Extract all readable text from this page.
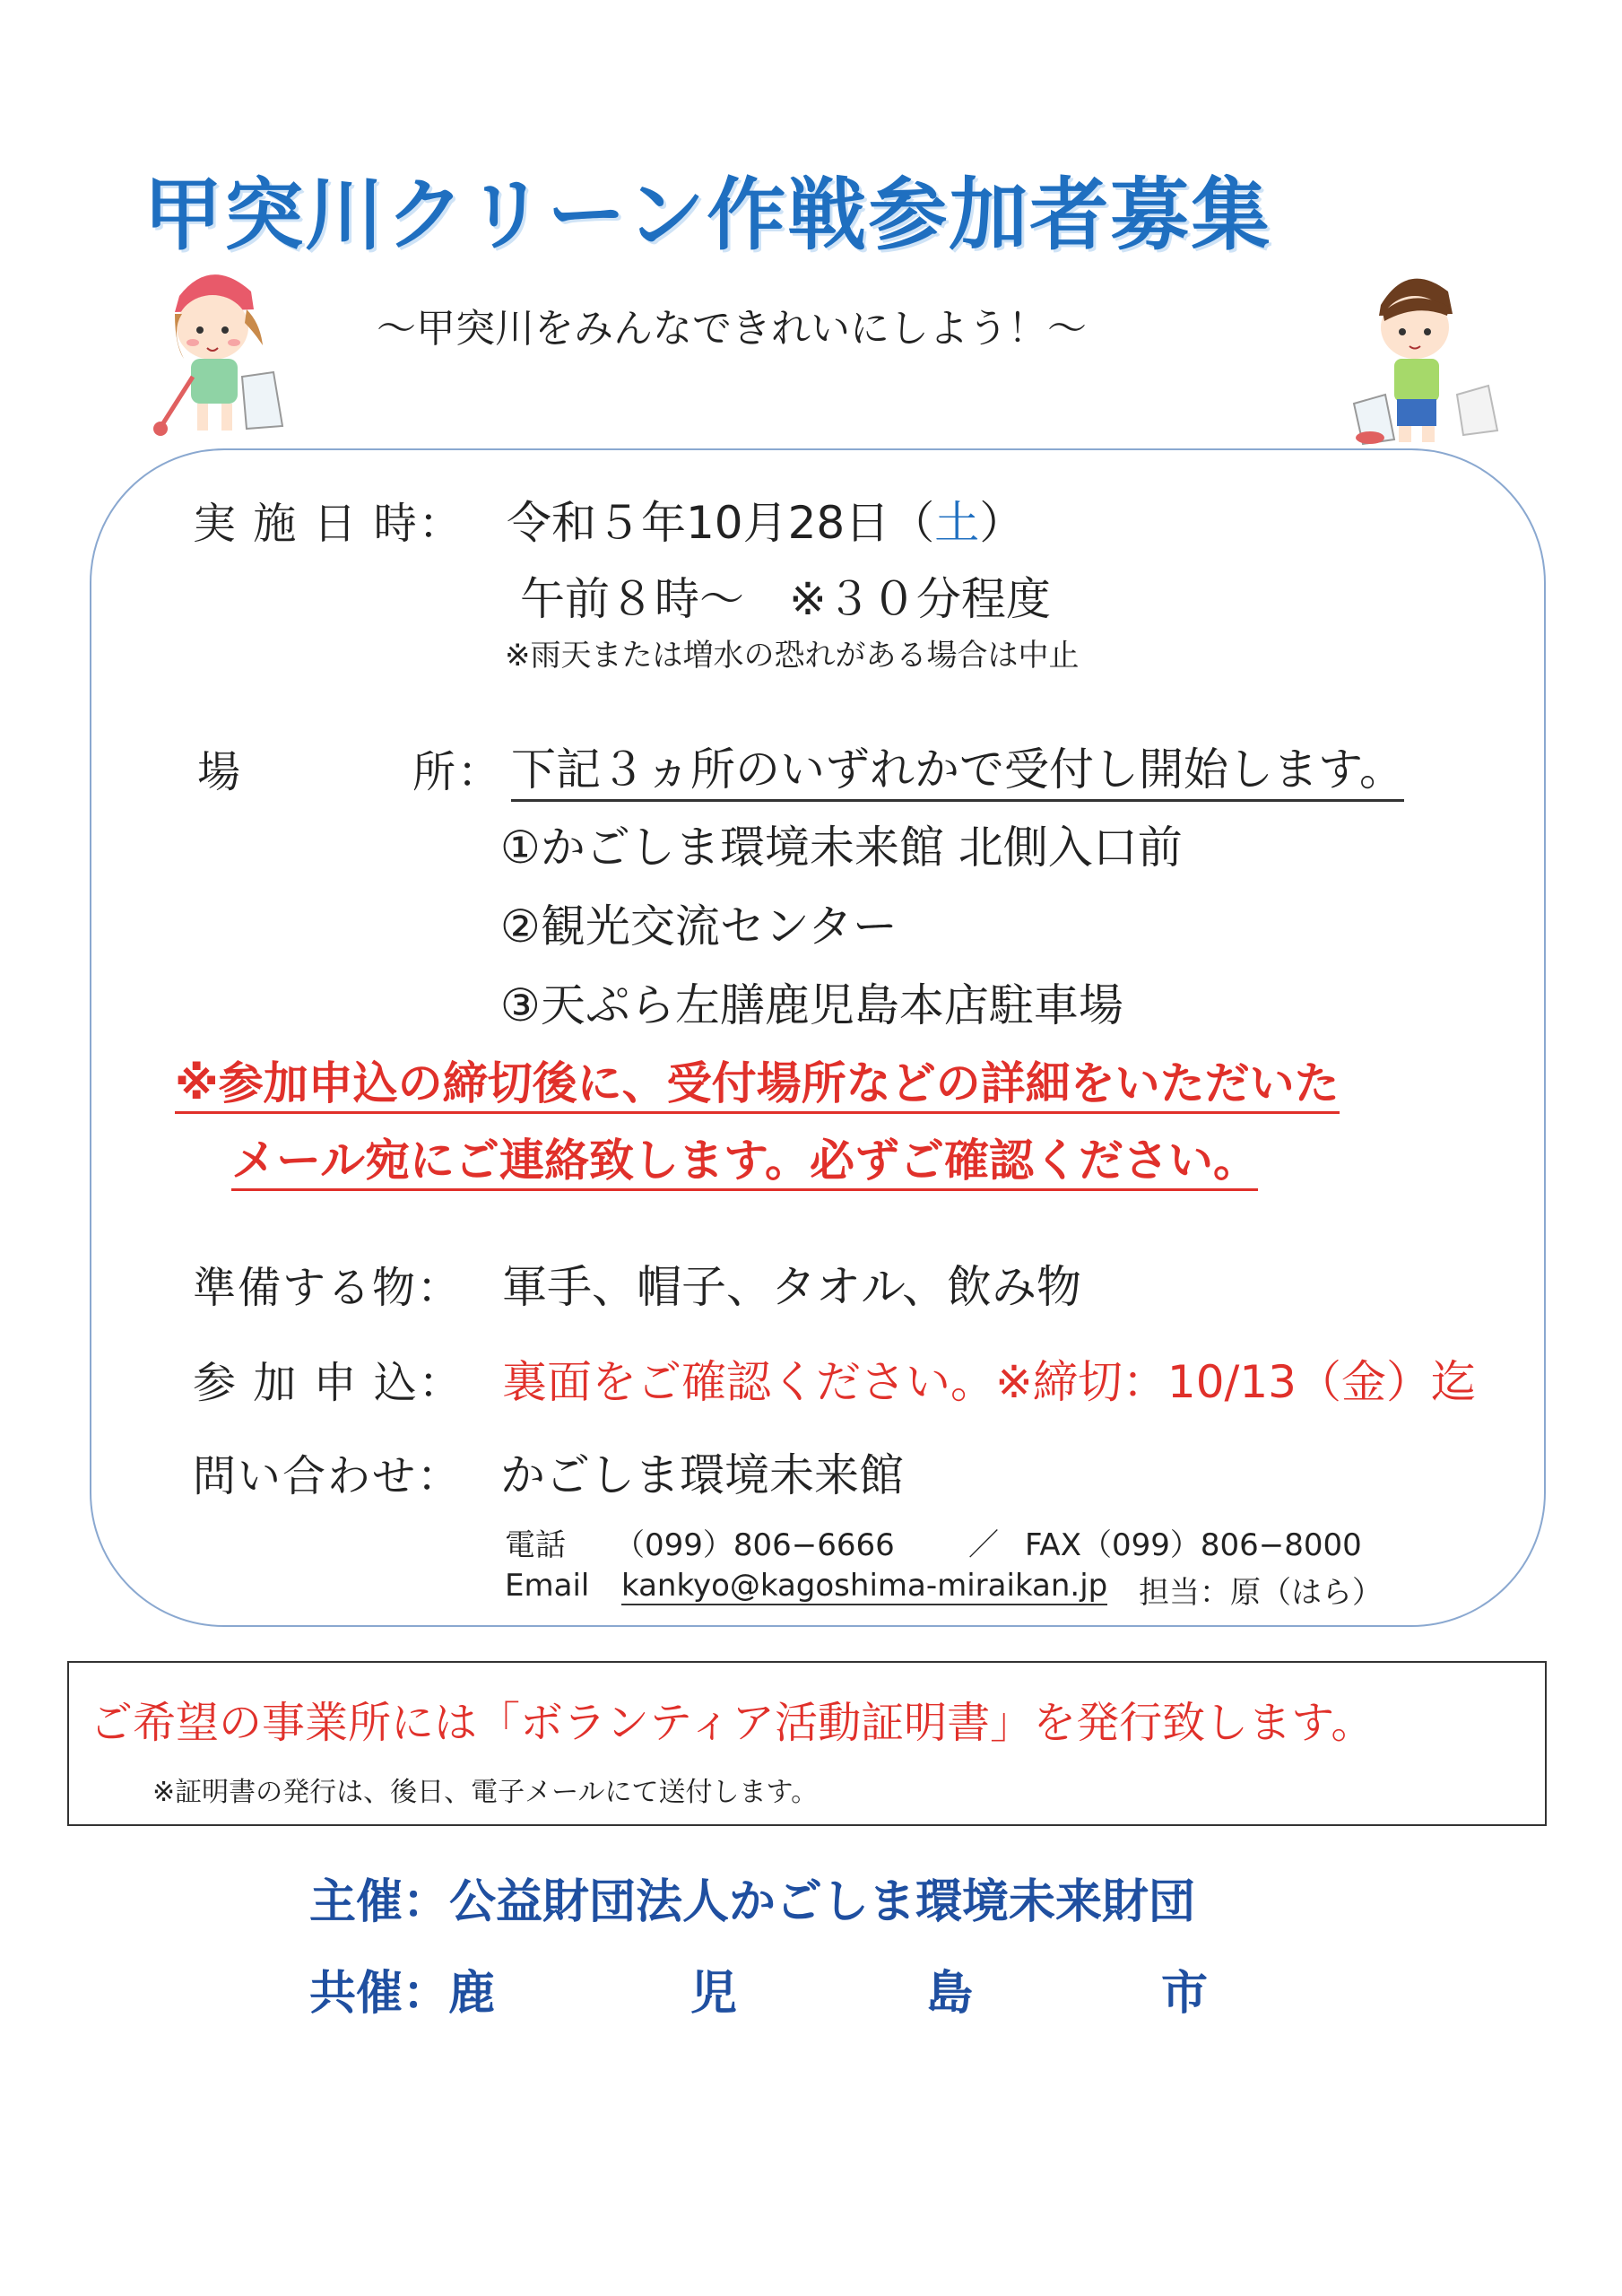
甲突川クリーン作戦参加者募集
～甲突川をみんなできれいにしよう！～
実 施 日 時： 令和５年10月28日（土）
午前８時～　※３０分程度
※雨天または増水の恐れがある場合は中止
場	所： 下記３ヵ所のいずれかで受付し開始します。
①かごしま環境未来館 北側入口前
②観光交流センター
③天ぷら左膳鹿児島本店駐車場
※参加申込の締切後に、受付場所などの詳細をいただいた
メール宛にご連絡致します。必ずご確認ください。
準備する物： 軍手、帽子、タオル、飲み物
参 加 申 込： 裏面をご確認ください。※締切：10/13（金）迄
問い合わせ： かごしま環境未来館
電話 （099）806−6666 ／ FAX（099）806−8000
Email kankyo@kagoshima-miraikan.jp 担当：原（はら）
ご希望の事業所には「ボランティア活動証明書」を発行致します。
※証明書の発行は、後日、電子メールにて送付します。
主催：公益財団法人かごしま環境未来財団
共催：
鹿	児	島	市
